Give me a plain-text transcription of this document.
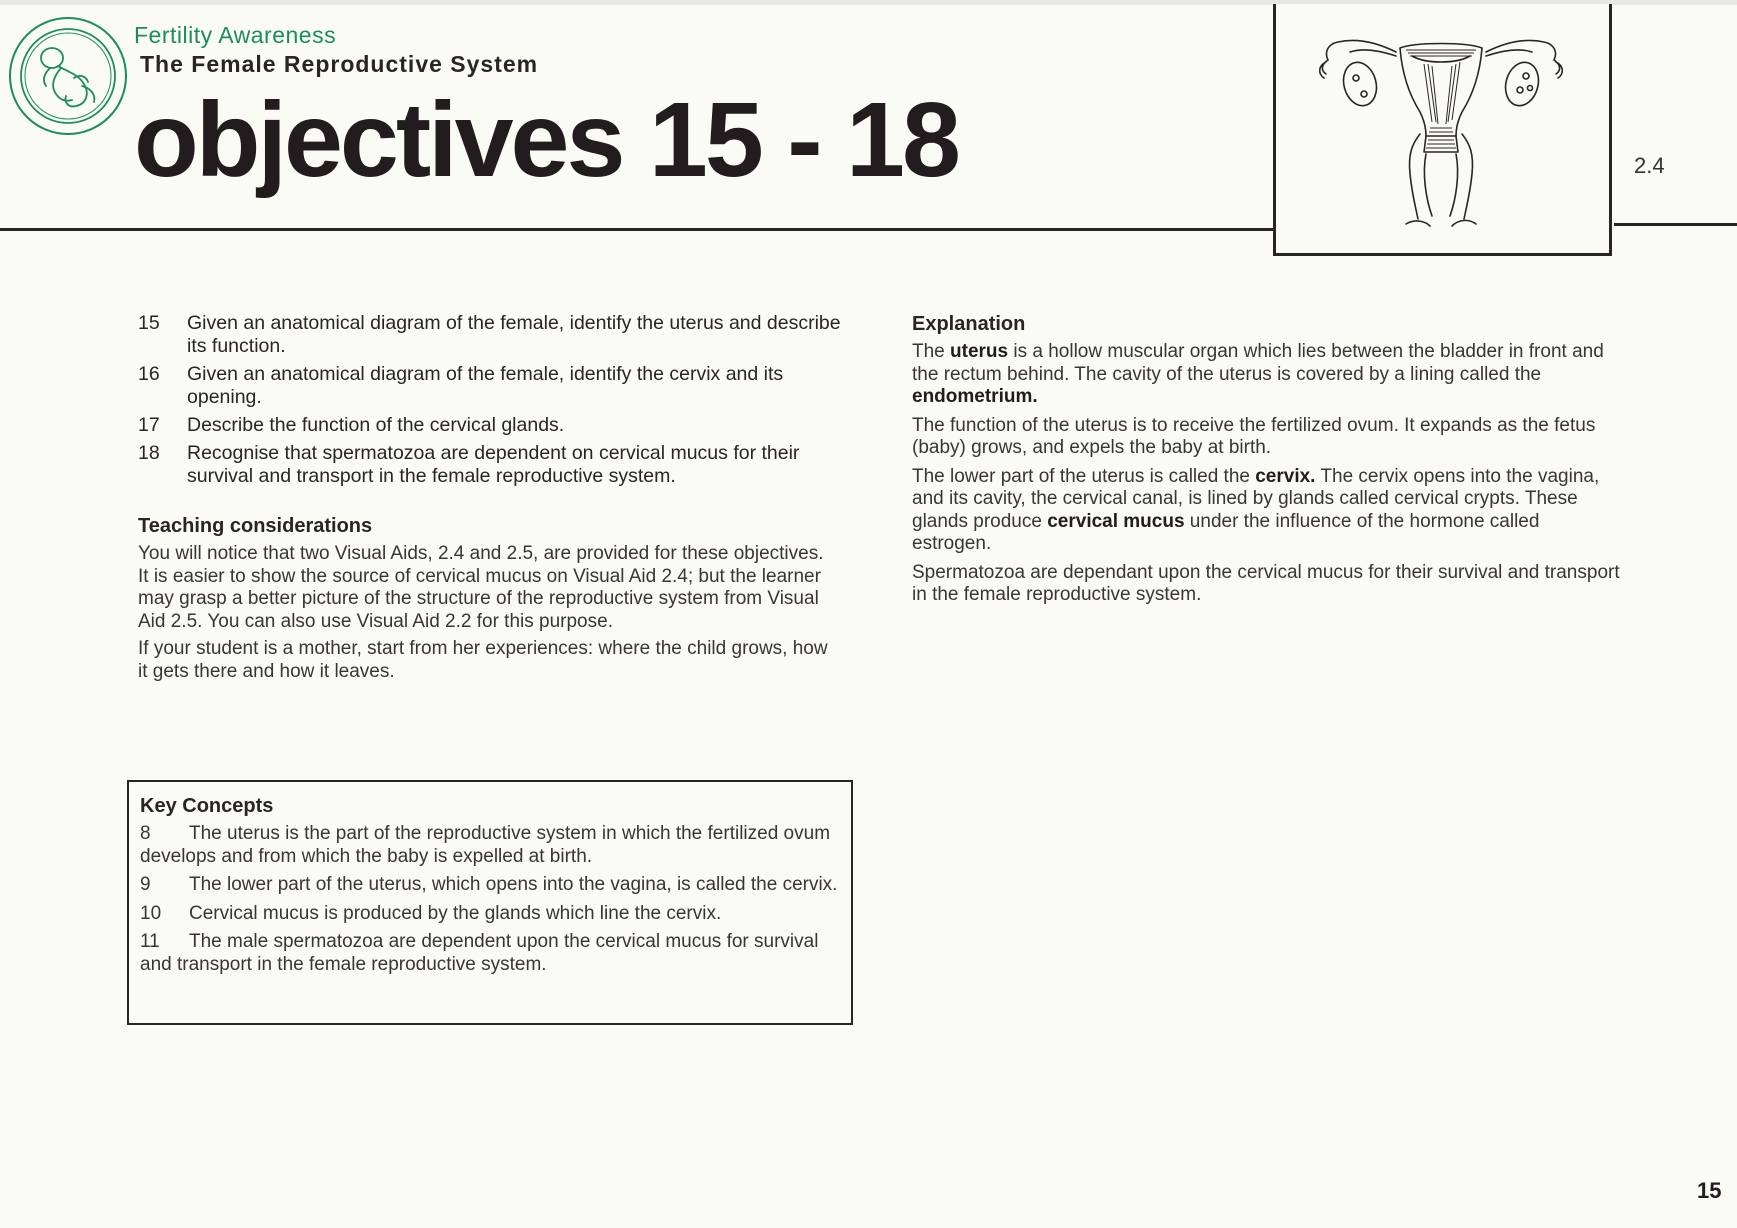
Fertility Awareness
The Female Reproductive System
objectives 15 - 18	2.4
15	Given an anatomical diagram of the female, identify the uterus and describe its function.
16	Given an anatomical diagram of the female, identify the cervix and its opening.
17	Describe the function of the cervical glands.
18	Recognise that spermatozoa are dependent on cervical mucus for their survival and transport in the female reproductive system.
Teaching considerations

You will notice that two Visual Aids, 2.4 and 2.5, are provided for these objectives. It is easier to show the source of cervical mucus on Visual Aid 2.4; but the learner may grasp a better picture of the structure of the reproductive system from Visual Aid 2.5. You can also use Visual Aid 2.2 for this purpose.

If your student is a mother, start from her experiences: where the child grows, how it gets there and how it leaves.

Key Concepts

8 The uterus is the part of the reproductive system in which the fertilized ovum develops and from which the baby is expelled at birth.

9 The lower part of the uterus, which opens into the vagina, is called the cervix.

10 Cervical mucus is produced by the glands which line the cervix.

11 The male spermatozoa are dependent upon the cervical mucus for survival and transport in the female reproductive system.

Explanation

The uterus is a hollow muscular organ which lies between the bladder in front and the rectum behind. The cavity of the uterus is covered by a lining called the endometrium.

The function of the uterus is to receive the fertilized ovum. It expands as the fetus (baby) grows, and expels the baby at birth.

The lower part of the uterus is called the cervix. The cervix opens into the vagina, and its cavity, the cervical canal, is lined by glands called cervical crypts. These glands produce cervical mucus under the influence of the hormone called estrogen.

Spermatozoa are dependant upon the cervical mucus for their survival and transport in the female reproductive system.

15
